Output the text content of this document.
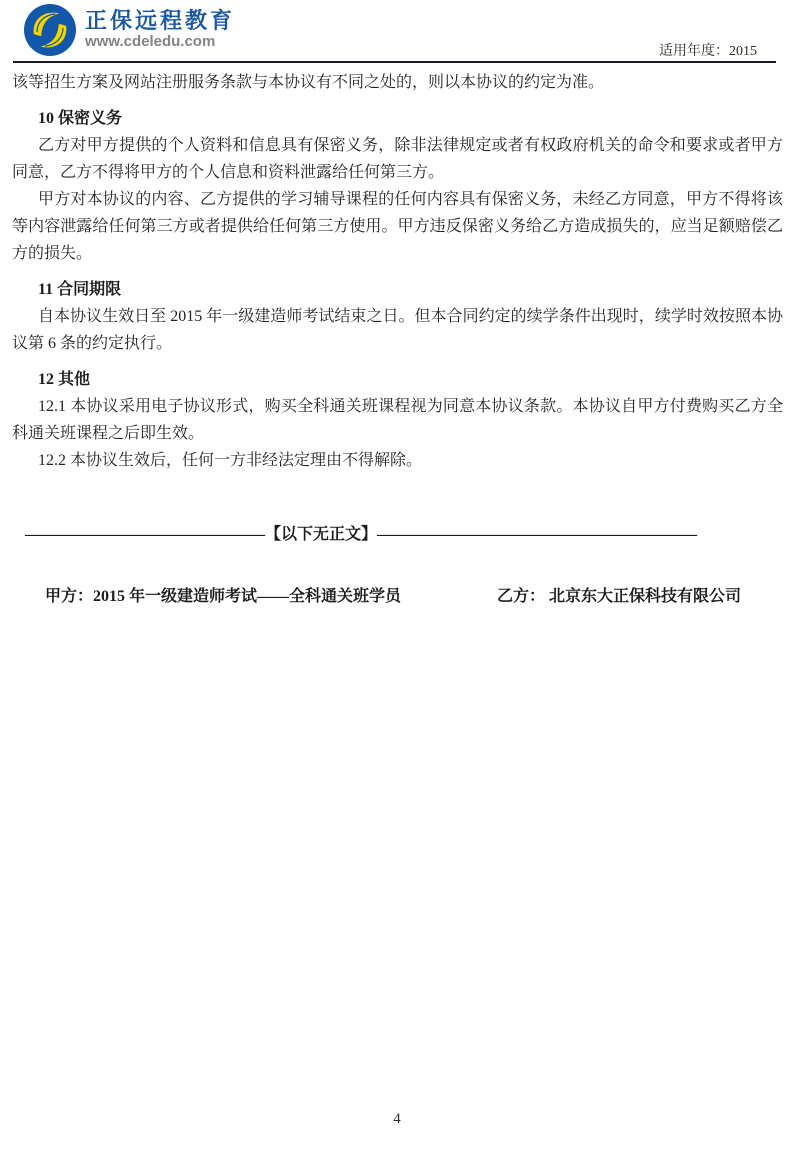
正保远程教育
www.cdeledu.com
适用年度：2015

该等招生方案及网站注册服务条款与本协议有不同之处的，则以本协议的约定为准。

10 保密义务

乙方对甲方提供的个人资料和信息具有保密义务，除非法律规定或者有权政府机关的命令和要求或者甲方同意，乙方不得将甲方的个人信息和资料泄露给任何第三方。

甲方对本协议的内容、乙方提供的学习辅导课程的任何内容具有保密义务，未经乙方同意，甲方不得将该等内容泄露给任何第三方或者提供给任何第三方使用。甲方违反保密义务给乙方造成损失的，应当足额赔偿乙方的损失。

11 合同期限

自本协议生效日至 2015 年一级建造师考试结束之日。但本合同约定的续学条件出现时，续学时效按照本协议第 6 条的约定执行。

12 其他

12.1 本协议采用电子协议形式，购买全科通关班课程视为同意本协议条款。本协议自甲方付费购买乙方全科通关班课程之后即生效。

12.2 本协议生效后，任何一方非经法定理由不得解除。

———————————————【以下无正文】————————————————————
甲方：2015 年一级建造师考试——全科通关班学员	乙方： 北京东大正保科技有限公司
4
